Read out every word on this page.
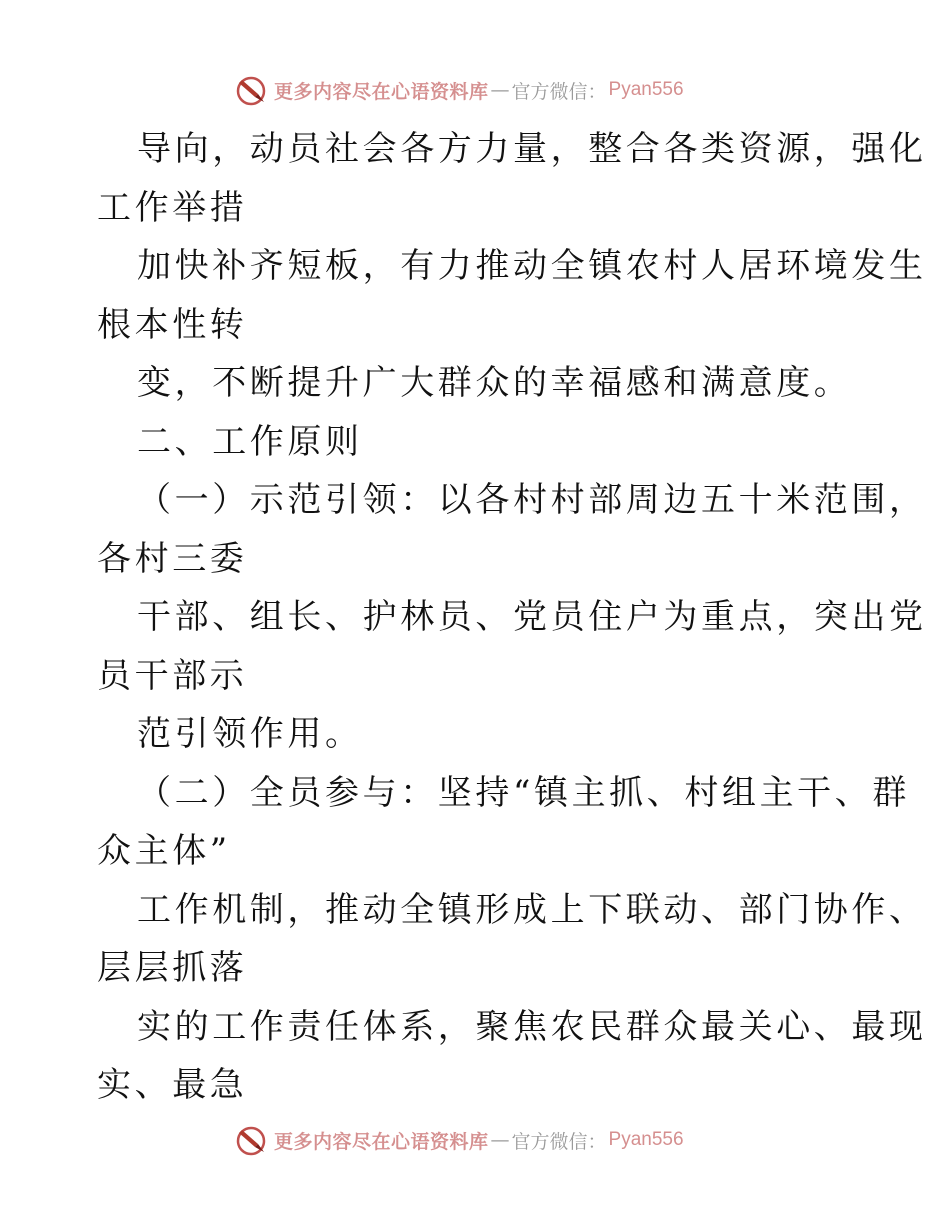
更多内容尽在心语资料库 — 官方微信： Pyan556
导向，动员社会各方力量，整合各类资源，强化
工作举措
加快补齐短板，有力推动全镇农村人居环境发生
根本性转
变，不断提升广大群众的幸福感和满意度。
二、工作原则
（一）示范引领：以各村村部周边五十米范围，
各村三委
干部、组长、护林员、党员住户为重点，突出党
员干部示
范引领作用。
（二）全员参与：坚持“镇主抓、村组主干、群
众主体”
工作机制，推动全镇形成上下联动、部门协作、
层层抓落
实的工作责任体系，聚焦农民群众最关心、最现
实、最急
更多内容尽在心语资料库 — 官方微信： Pyan556
